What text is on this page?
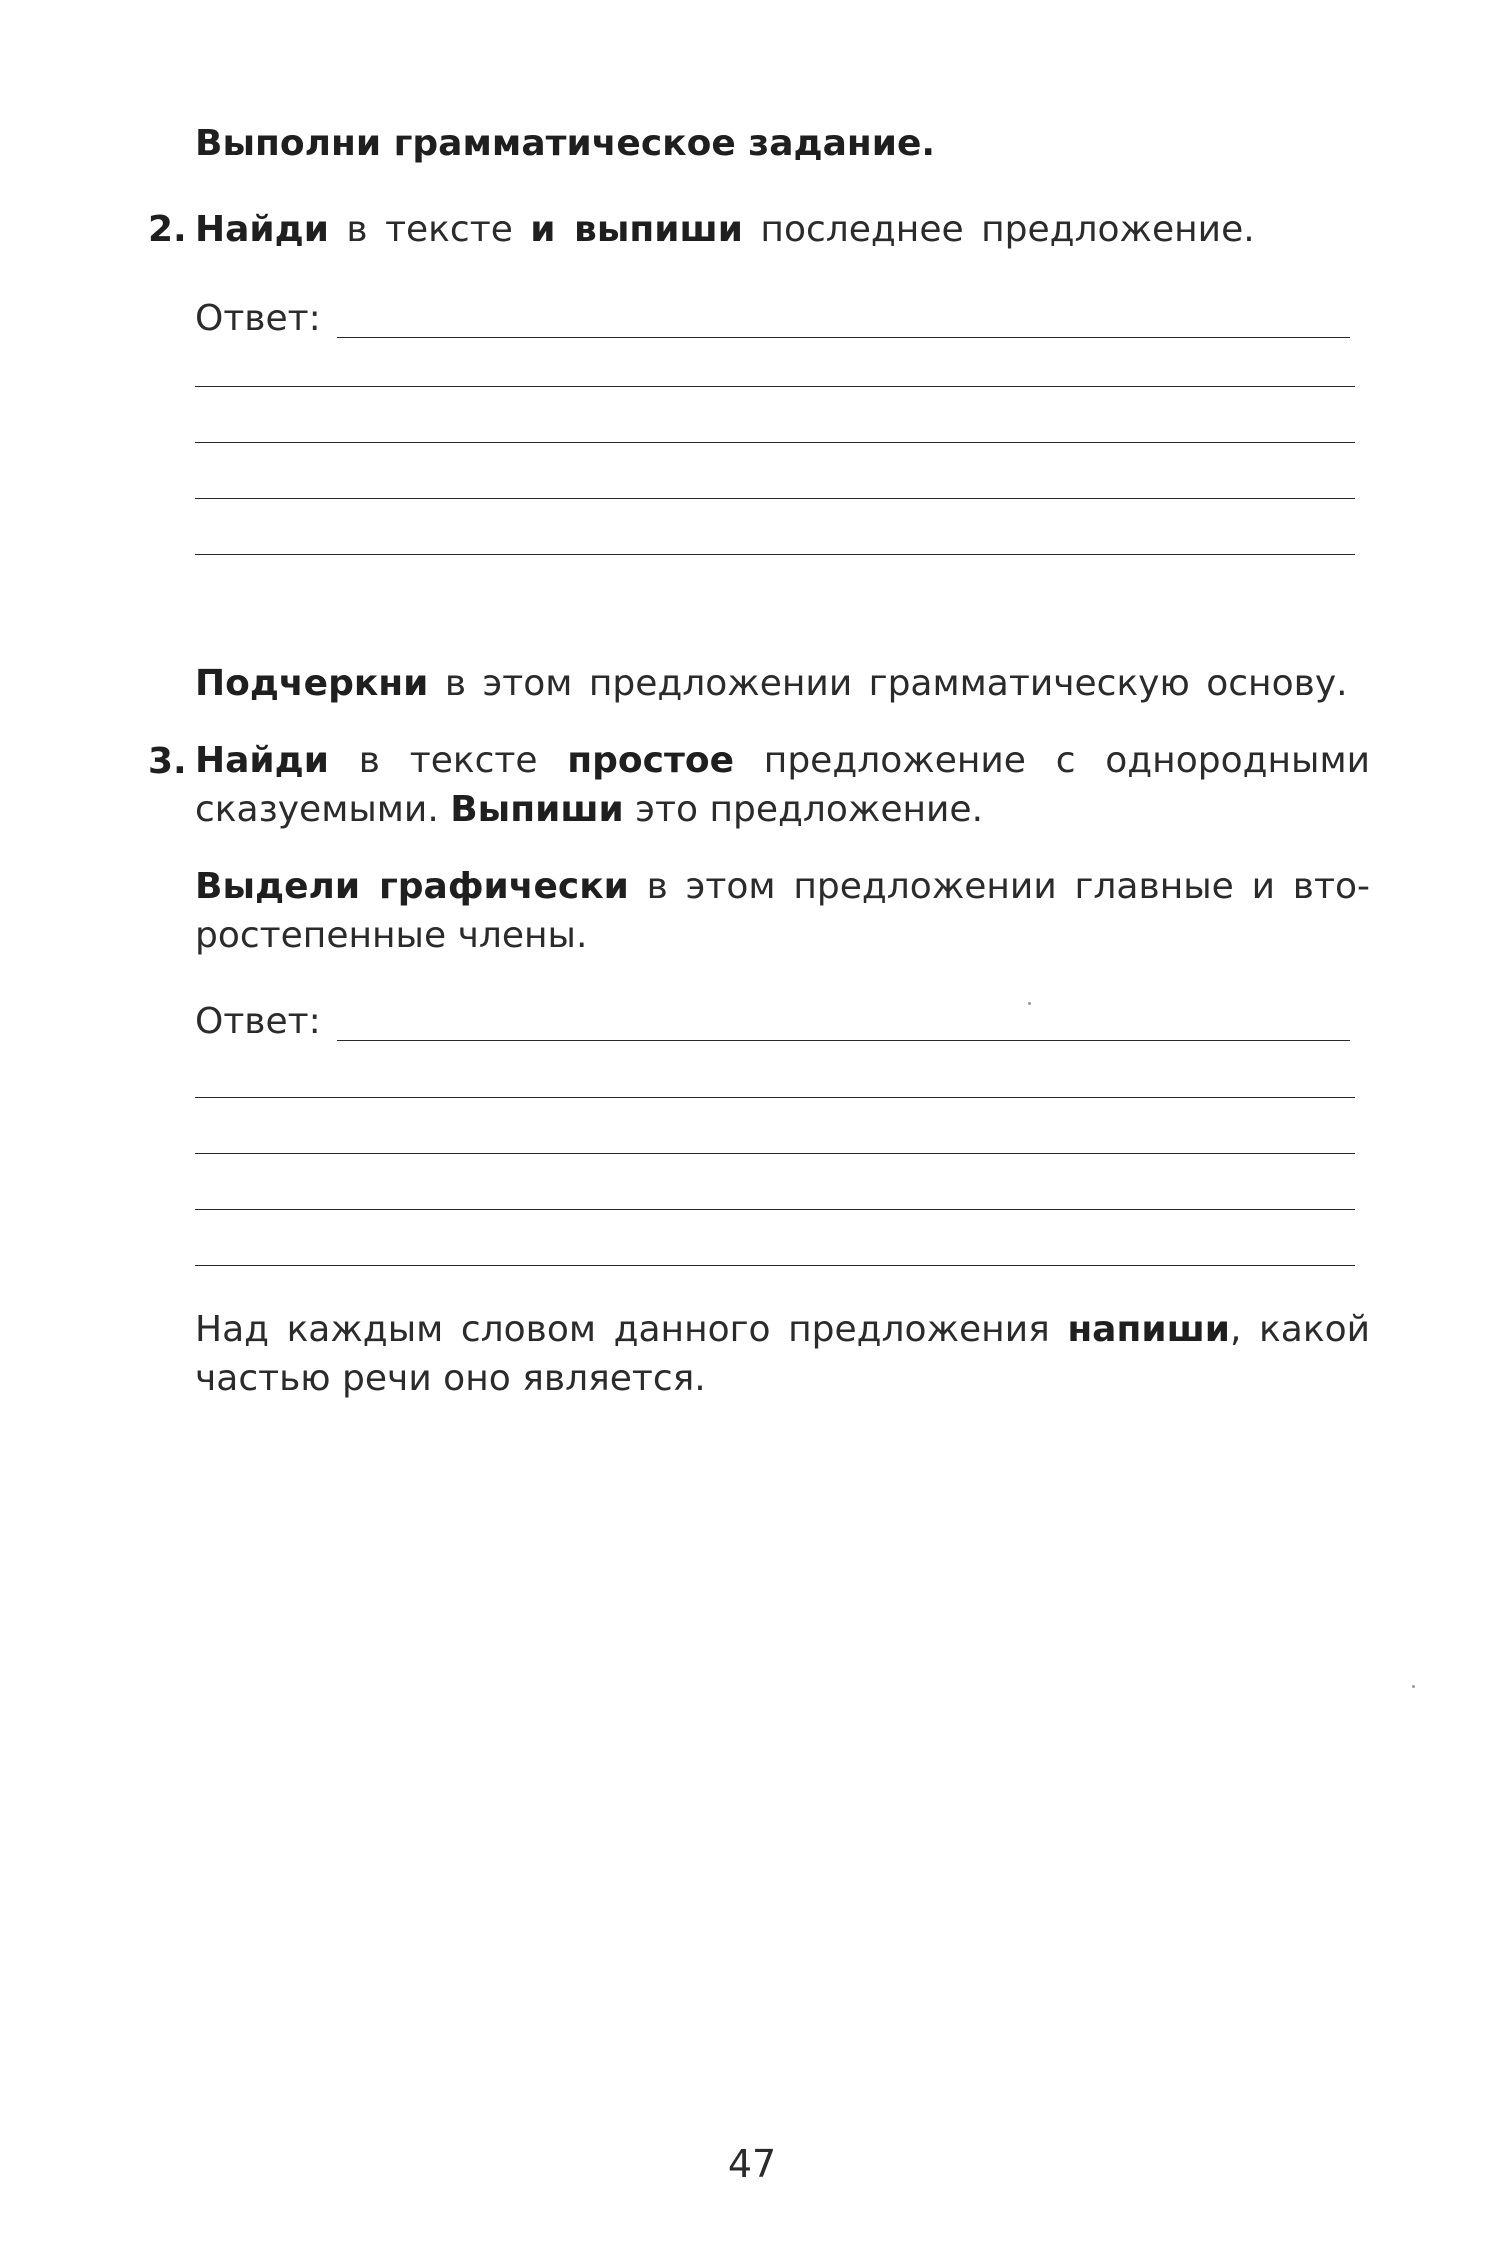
Выполни грамматическое задание.
2. Найди в тексте и выпиши последнее предложение.
Ответ:
Подчеркни в этом предложении грамматическую основу.
3. Найди в тексте простое предложение с однородными
сказуемыми. Выпиши это предложение.
Выдели графически в этом предложении главные и вто-
ростепенные члены.
Ответ:
Над каждым словом данного предложения напиши, какой
частью речи оно является.
47
